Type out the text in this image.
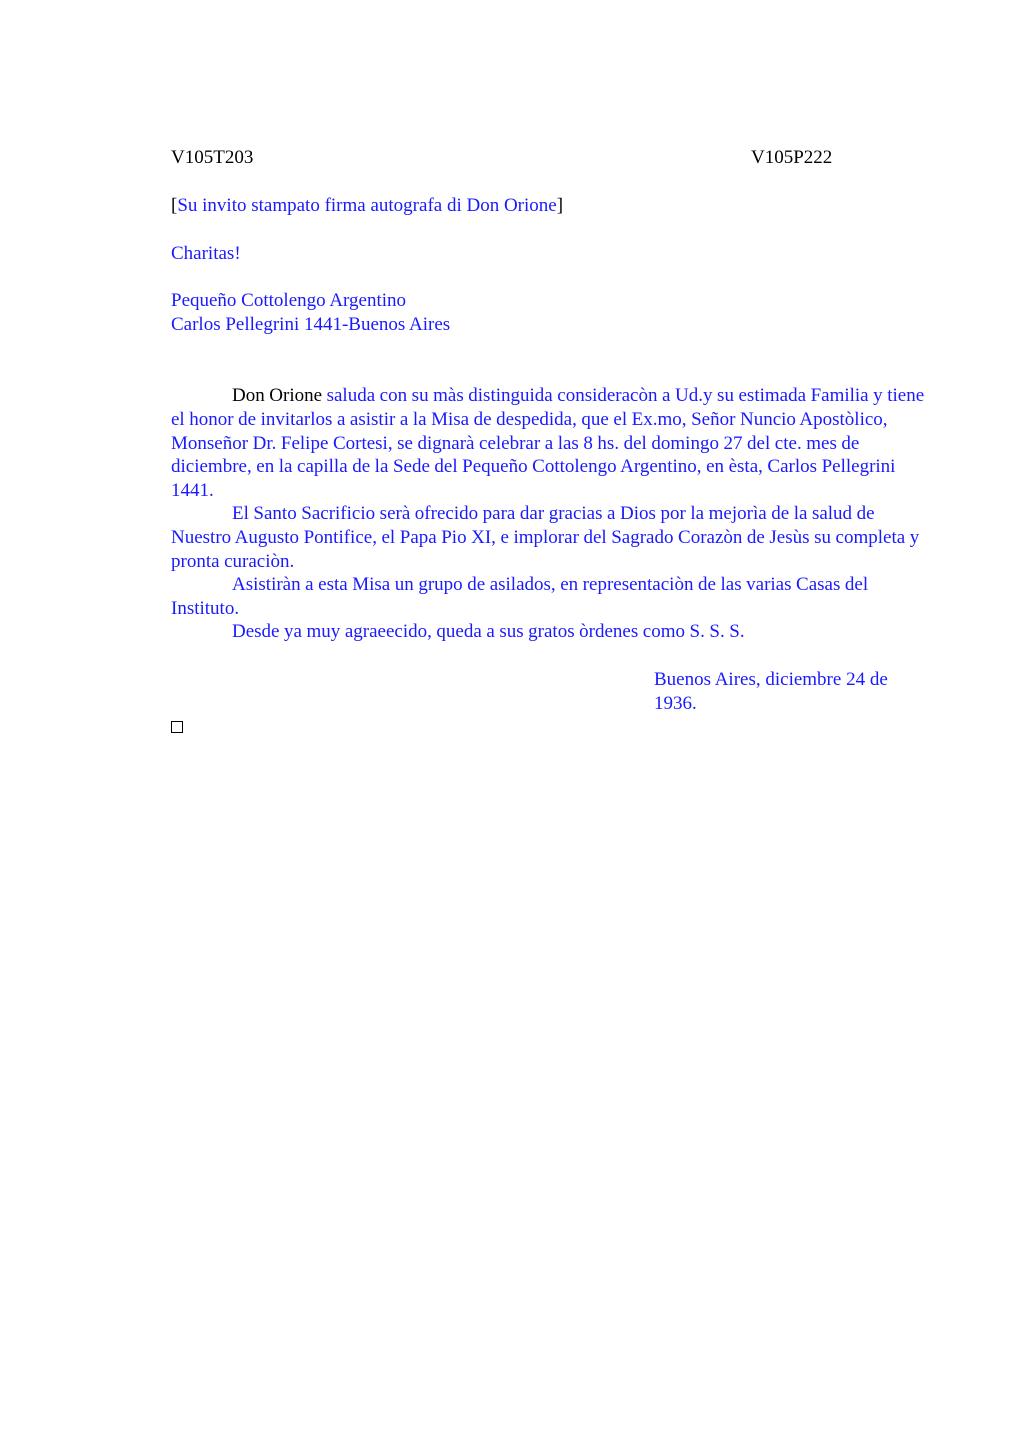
V105T203	V105P222

[Su invito stampato firma autografa di Don Orione]

Charitas!

Pequeño Cottolengo Argentino
Carlos Pellegrini 1441-Buenos Aires

Don Orione saluda con su màs distinguida consideracòn a Ud.y su estimada Familia y tiene el honor de invitarlos a asistir a la Misa de despedida, que el Ex.mo, Señor Nuncio Apostòlico, Monseñor Dr. Felipe Cortesi, se dignarà celebrar a las 8 hs. del domingo 27 del cte. mes de diciembre, en la capilla de la Sede del Pequeño Cottolengo Argentino, en èsta, Carlos Pellegrini 1441.

El Santo Sacrificio serà ofrecido para dar gracias a Dios por la mejorìa de la salud de Nuestro Augusto Pontifice, el Papa Pio XI, e implorar del Sagrado Corazòn de Jesùs su completa y pronta curaciòn.

Asistiràn a esta Misa un grupo de asilados, en representaciòn de las varias Casas del Instituto.

Desde ya muy agraeecido, queda a sus gratos òrdenes como S. S. S.

Buenos Aires, diciembre 24 de 1936.
